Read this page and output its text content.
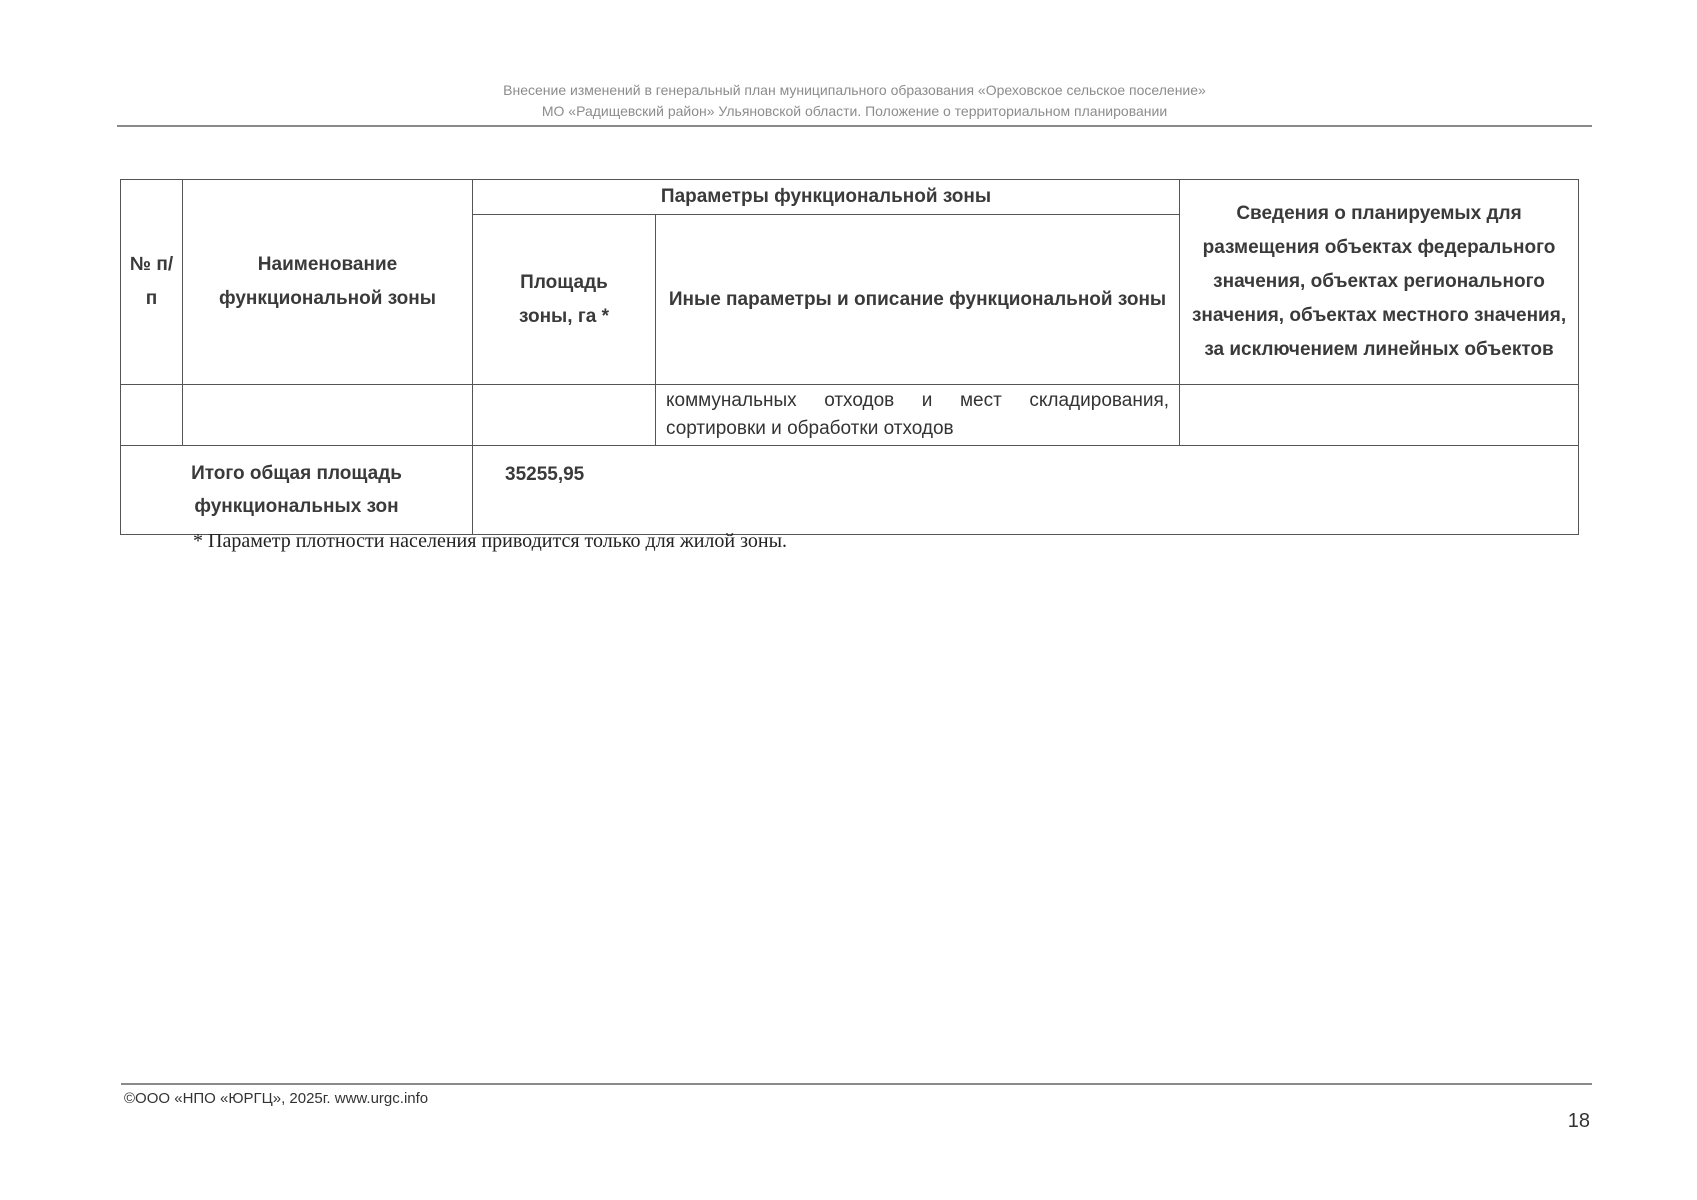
Внесение изменений в генеральный план муниципального образования «Ореховское сельское поселение»
МО «Радищевский район» Ульяновской области. Положение о территориальном планировании
№ п/п	Наименование функциональной зоны	Параметры функциональной зоны		Сведения о планируемых для размещения объектах федерального значения, объектах регионального значения, объектах местного значения, за исключением линейных объектов
		Площадь зоны, га *	Иные параметры и описание функциональной зоны	
			коммунальных отходов и мест складирования, сортировки и обработки отходов	
Итого общая площадь функциональных зон		35255,95		
* Параметр плотности населения приводится только для жилой зоны.
©ООО «НПО «ЮРГЦ», 2025г. www.urgc.info
18
